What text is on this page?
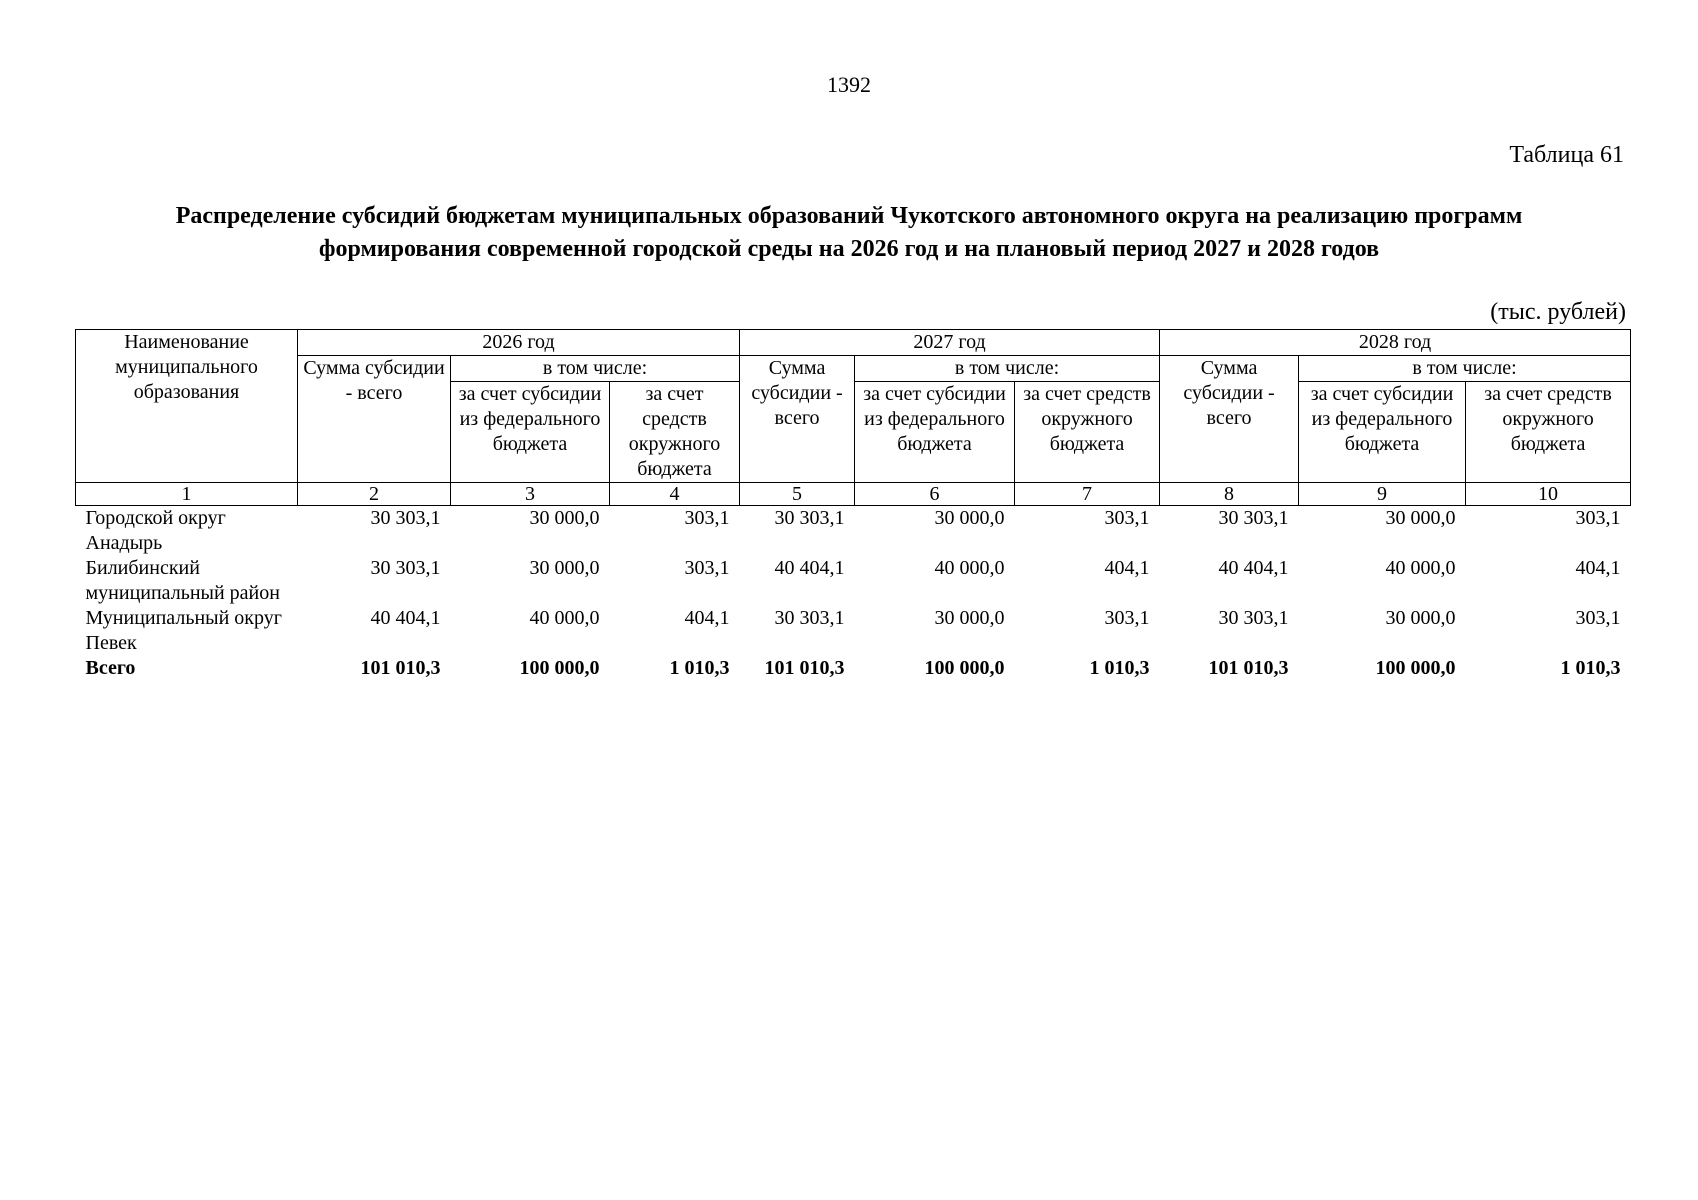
1392
Таблица 61
Распределение субсидий бюджетам муниципальных образований Чукотского автономного округа на реализацию программ формирования современной городской среды на 2026 год и на плановый период 2027 и 2028 годов
(тыс. рублей)
Наименование муниципального образования	2026 год			2027 год			2028 год		
	Сумма субсидии - всего	в том числе:		Сумма субсидии - всего	в том числе:		Сумма субсидии - всего	в том числе:	
		за счет субсидии из федерального бюджета	за счет средств окружного бюджета		за счет субсидии из федерального бюджета	за счет средств окружного бюджета		за счет субсидии из федерального бюджета	за счет средств окружного бюджета
1	2	3	4	5	6	7	8	9	10
Городской округ Анадырь	30 303,1	30 000,0	303,1	30 303,1	30 000,0	303,1	30 303,1	30 000,0	303,1
Билибинский муниципальный район	30 303,1	30 000,0	303,1	40 404,1	40 000,0	404,1	40 404,1	40 000,0	404,1
Муниципальный округ Певек	40 404,1	40 000,0	404,1	30 303,1	30 000,0	303,1	30 303,1	30 000,0	303,1
Всего	101 010,3	100 000,0	1 010,3	101 010,3	100 000,0	1 010,3	101 010,3	100 000,0	1 010,3
